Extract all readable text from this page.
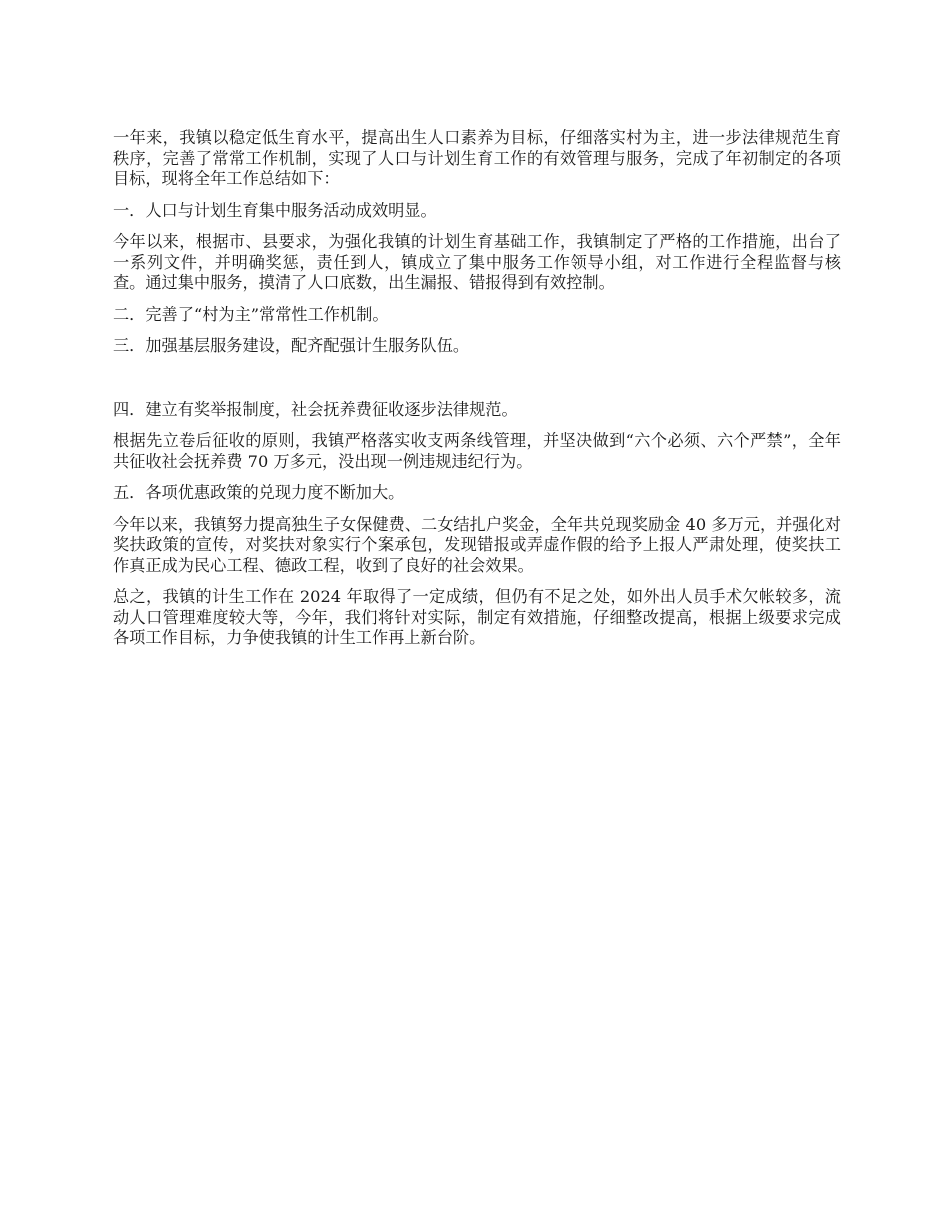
一年来，我镇以稳定低生育水平，提高出生人口素养为目标，仔细落实村为主，进一步法律规范生育秩序，完善了常常工作机制，实现了人口与计划生育工作的有效管理与服务，完成了年初制定的各项目标，现将全年工作总结如下：

一．人口与计划生育集中服务活动成效明显。

今年以来，根据市、县要求，为强化我镇的计划生育基础工作，我镇制定了严格的工作措施，出台了一系列文件，并明确奖惩，责任到人，镇成立了集中服务工作领导小组，对工作进行全程监督与核查。通过集中服务，摸清了人口底数，出生漏报、错报得到有效控制。

二．完善了“村为主”常常性工作机制。

三．加强基层服务建设，配齐配强计生服务队伍。

四．建立有奖举报制度，社会抚养费征收逐步法律规范。

根据先立卷后征收的原则，我镇严格落实收支两条线管理，并坚决做到“六个必须、六个严禁”，全年共征收社会抚养费 70 万多元，没出现一例违规违纪行为。

五．各项优惠政策的兑现力度不断加大。

今年以来，我镇努力提高独生子女保健费、二女结扎户奖金，全年共兑现奖励金 40 多万元，并强化对奖扶政策的宣传，对奖扶对象实行个案承包，发现错报或弄虚作假的给予上报人严肃处理，使奖扶工作真正成为民心工程、德政工程，收到了良好的社会效果。

总之，我镇的计生工作在 2024 年取得了一定成绩，但仍有不足之处，如外出人员手术欠帐较多，流动人口管理难度较大等，今年，我们将针对实际，制定有效措施，仔细整改提高，根据上级要求完成各项工作目标，力争使我镇的计生工作再上新台阶。
